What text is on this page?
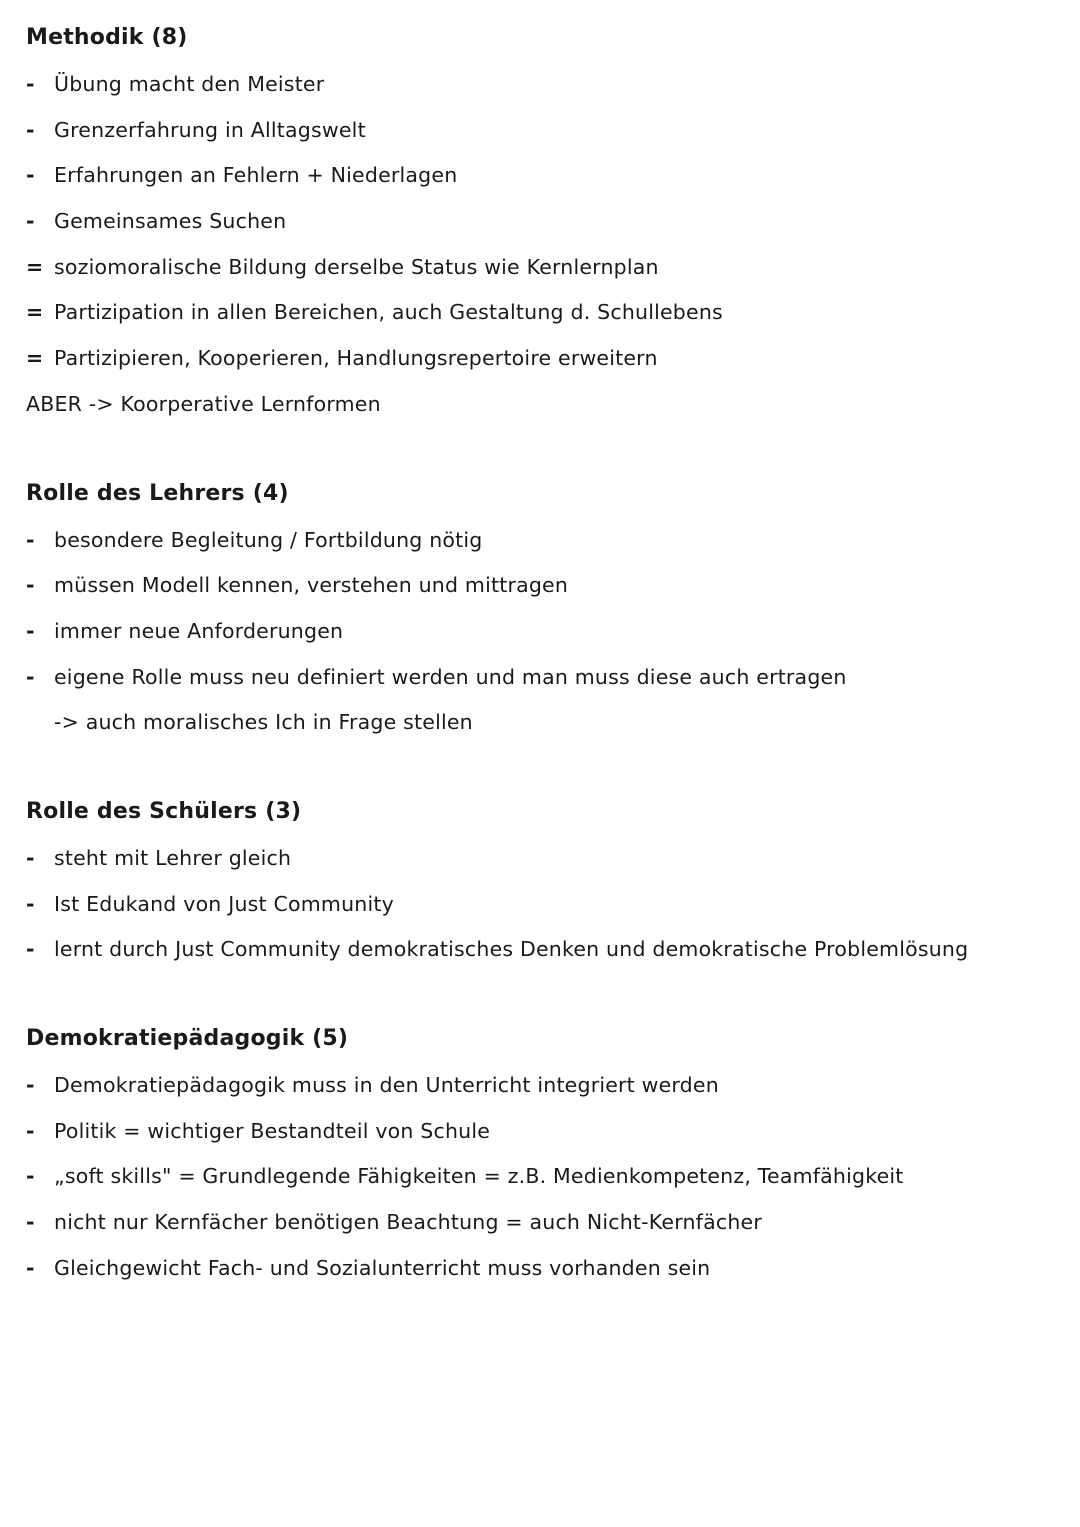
Methodik (8)
- Übung macht den Meister
- Grenzerfahrung in Alltagswelt
- Erfahrungen an Fehlern + Niederlagen
- Gemeinsames Suchen
= soziomoralische Bildung derselbe Status wie Kernlernplan
= Partizipation in allen Bereichen, auch Gestaltung d. Schullebens
= Partizipieren, Kooperieren, Handlungsrepertoire erweitern
ABER -> Koorperative Lernformen
Rolle des Lehrers (4)
- besondere Begleitung / Fortbildung nötig
- müssen Modell kennen, verstehen und mittragen
- immer neue Anforderungen
- eigene Rolle muss neu definiert werden und man muss diese auch ertragen
-> auch moralisches Ich in Frage stellen
Rolle des Schülers (3)
- steht mit Lehrer gleich
- Ist Edukand von Just Community
- lernt durch Just Community demokratisches Denken und demokratische Problemlösung
Demokratiepädagogik (5)
- Demokratiepädagogik muss in den Unterricht integriert werden
- Politik = wichtiger Bestandteil von Schule
- „soft skills" = Grundlegende Fähigkeiten = z.B. Medienkompetenz, Teamfähigkeit
- nicht nur Kernfächer benötigen Beachtung = auch Nicht-Kernfächer
- Gleichgewicht Fach- und Sozialunterricht muss vorhanden sein
